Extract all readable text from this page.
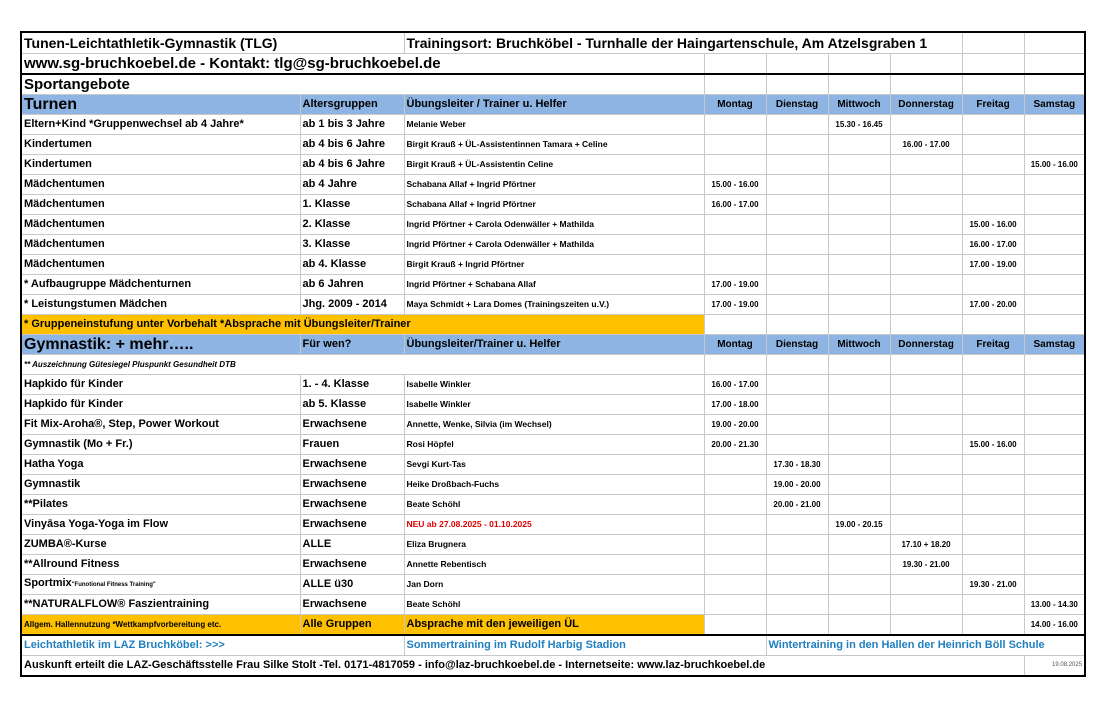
Tunen-Leichtathletik-Gymnastik (TLG)		Trainingsort: Bruchköbel - Turnhalle der Haingartenschule, Am Atzelsgraben 1						
www.sg-bruchkoebel.de - Kontakt: tlg@sg-bruchkoebel.de								
Sportangebote								
Turnen	Altersgruppen	Übungsleiter / Trainer u. Helfer	Montag	Dienstag	Mittwoch	Donnerstag	Freitag	Samstag
Eltern+Kind *Gruppenwechsel ab 4 Jahre*	ab 1 bis 3 Jahre	Melanie Weber			15.30 - 16.45			
Kindertumen	ab 4 bis 6 Jahre	Birgit Krauß + ÜL-Assistentinnen Tamara + Celine				16.00 - 17.00		
Kindertumen	ab 4 bis 6 Jahre	Birgit Krauß + ÜL-Assistentin Celine						15.00 - 16.00
Mädchentumen	ab 4 Jahre	Schabana Allaf + Ingrid Pförtner	15.00 - 16.00					
Mädchentumen	1. Klasse	Schabana Allaf + Ingrid Pförtner	16.00 - 17.00					
Mädchentumen	2. Klasse	Ingrid Pförtner + Carola Odenwäller + Mathilda					15.00 - 16.00	
Mädchentumen	3. Klasse	Ingrid Pförtner + Carola Odenwäller + Mathilda					16.00 - 17.00	
Mädchentumen	ab 4. Klasse	Birgit Krauß + Ingrid Pförtner					17.00 - 19.00	
* Aufbaugruppe Mädchenturnen	ab 6 Jahren	Ingrid Pförtner + Schabana Allaf	17.00 - 19.00					
* Leistungstumen Mädchen	Jhg. 2009 - 2014	Maya Schmidt + Lara Domes (Trainingszeiten u.V.)	17.00 - 19.00				17.00 - 20.00	
* Gruppeneinstufung unter Vorbehalt *Absprache mit Übungsleiter/Trainer								
Gymnastik: + mehr…..	Für wen?	Übungsleiter/Trainer u. Helfer	Montag	Dienstag	Mittwoch	Donnerstag	Freitag	Samstag
** Auszeichnung Gütesiegel Pluspunkt Gesundheit DTB								
Hapkido für Kinder	1. - 4. Klasse	Isabelle Winkler	16.00 - 17.00					
Hapkido für Kinder	ab 5. Klasse	Isabelle Winkler	17.00 - 18.00					
Fit Mix-Aroha®, Step, Power Workout	Erwachsene	Annette, Wenke, Silvia (im Wechsel)	19.00 - 20.00					
Gymnastik (Mo + Fr.)	Frauen	Rosi Höpfel	20.00 - 21.30				15.00 - 16.00	
Hatha Yoga	Erwachsene	Sevgi Kurt-Tas		17.30 - 18.30				
Gymnastik	Erwachsene	Heike Droßbach-Fuchs		19.00 - 20.00				
**Pilates	Erwachsene	Beate Schöhl		20.00 - 21.00				
Vinyāsa Yoga-Yoga im Flow	Erwachsene	NEU ab 27.08.2025 - 01.10.2025			19.00 - 20.15			
ZUMBA®-Kurse	ALLE	Eliza Brugnera				17.10 + 18.20		
**Allround Fitness	Erwachsene	Annette Rebentisch				19.30 - 21.00		
Sportmix"Funotional Fitness Training"	ALLE ü30	Jan Dorn					19.30 - 21.00	
**NATURALFLOW® Faszientraining	Erwachsene	Beate Schöhl						13.00 - 14.30
Allgem. Hallennutzung *Wettkampfvorbereitung etc.	Alle Gruppen	Absprache mit den jeweiligen ÜL						14.00 - 16.00
Leichtathletik im LAZ Bruchköbel: >>>		Sommertraining im Rudolf Harbig Stadion		Wintertraining in den Hallen der Heinrich Böll Schule				
Auskunft erteilt die LAZ-Geschäftsstelle Frau Silke Stolt -Tel. 0171-4817059 - info@laz-bruchkoebel.de - Internetseite: www.laz-bruchkoebel.de								19.08.2025
